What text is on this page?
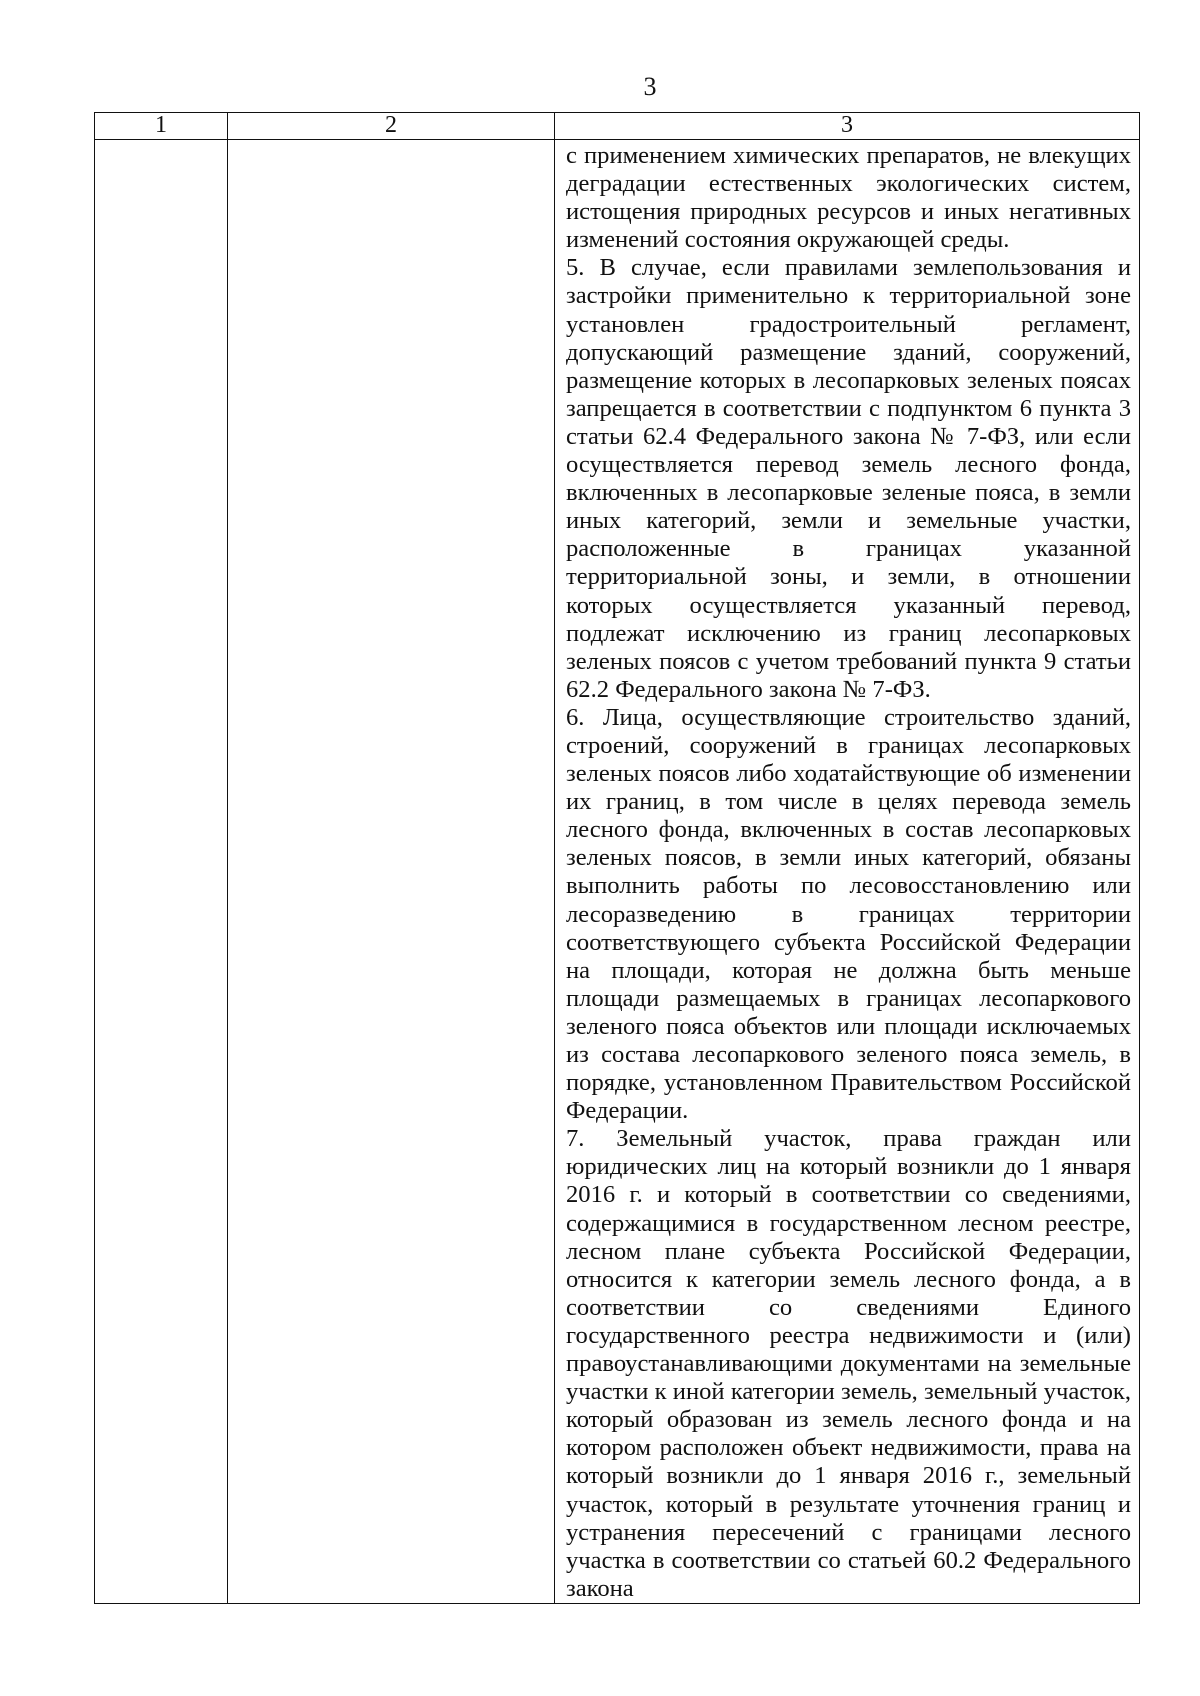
3
1	2	3

		с применением химических препаратов, не влекущих деградации естественных экологических систем, истощения природных ресурсов и иных негативных изменений состояния окружающей среды.

5. В случае, если правилами землепользования и застройки применительно к территориальной зоне установлен градостроительный регламент, допускающий размещение зданий, сооружений, размещение которых в лесопарковых зеленых поясах запрещается в соответствии с подпунктом 6 пункта 3 статьи 62.4 Федерального закона № 7-ФЗ, или если осуществляется перевод земель лесного фонда, включенных в лесопарковые зеленые пояса, в земли иных категорий, земли и земельные участки, расположенные в границах указанной территориальной зоны, и земли, в отношении которых осуществляется указанный перевод, подлежат исключению из границ лесопарковых зеленых поясов с учетом требований пункта 9 статьи 62.2 Федерального закона № 7-ФЗ.

6. Лица, осуществляющие строительство зданий, строений, сооружений в границах лесопарковых зеленых поясов либо ходатайствующие об изменении их границ, в том числе в целях перевода земель лесного фонда, включенных в состав лесопарковых зеленых поясов, в земли иных категорий, обязаны выполнить работы по лесовосстановлению или лесоразведению в границах территории соответствующего субъекта Российской Федерации на площади, которая не должна быть меньше площади размещаемых в границах лесопаркового зеленого пояса объектов или площади исключаемых из состава лесопаркового зеленого пояса земель, в порядке, установленном Правительством Российской Федерации.

7. Земельный участок, права граждан или юридических лиц на который возникли до 1 января 2016 г. и который в соответствии со сведениями, содержащимися в государственном лесном реестре, лесном плане субъекта Российской Федерации, относится к категории земель лесного фонда, а в соответствии со сведениями Единого государственного реестра недвижимости и (или) правоустанавливающими документами на земельные участки к иной категории земель, земельный участок, который образован из земель лесного фонда и на котором расположен объект недвижимости, права на который возникли до 1 января 2016 г., земельный участок, который в результате уточнения границ и устранения пересечений с границами лесного участка в соответствии со статьей 60.2 Федерального закона
